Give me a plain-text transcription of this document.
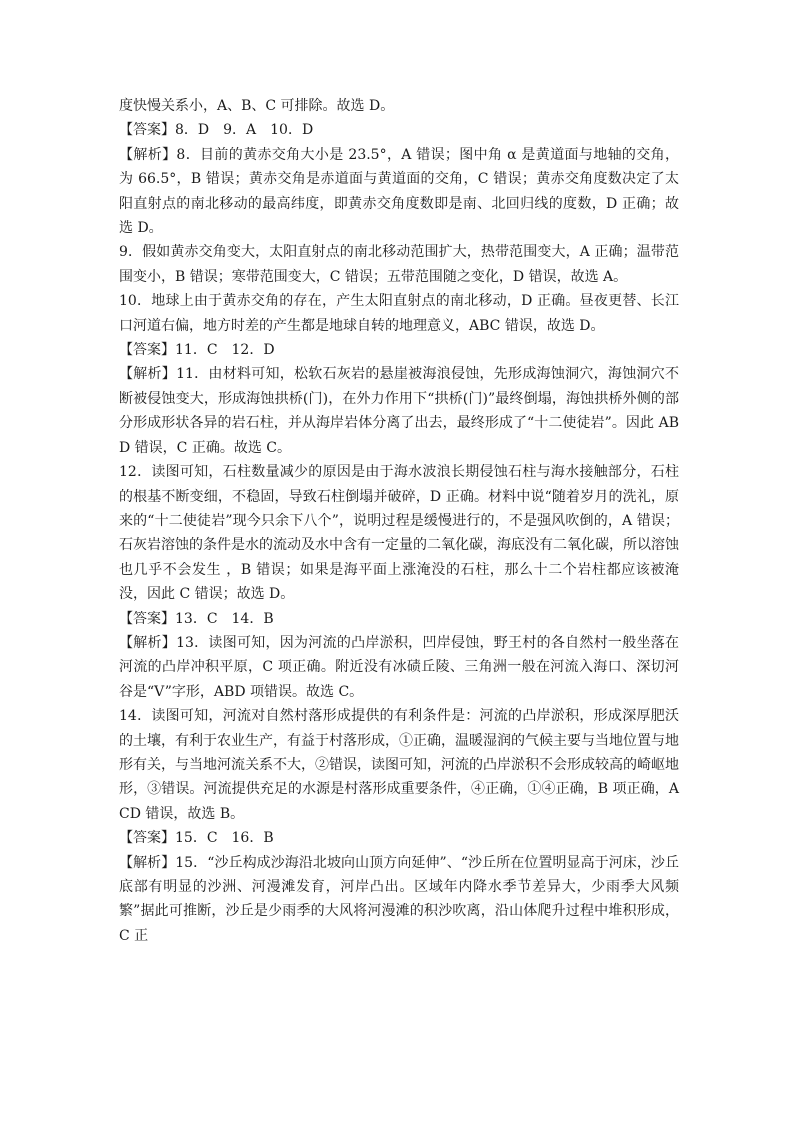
度快慢关系小，A、B、C 可排除。故选 D。

【答案】8．D　9．A　10．D

【解析】8．目前的黄赤交角大小是 23.5°，A 错误；图中角 α 是黄道面与地轴的交角，为 66.5°，B 错误；黄赤交角是赤道面与黄道面的交角，C 错误；黄赤交角度数决定了太阳直射点的南北移动的最高纬度，即黄赤交角度数即是南、北回归线的度数，D 正确；故选 D。

9．假如黄赤交角变大，太阳直射点的南北移动范围扩大，热带范围变大，A 正确；温带范围变小，B 错误；寒带范围变大，C 错误；五带范围随之变化，D 错误，故选 A。

10．地球上由于黄赤交角的存在，产生太阳直射点的南北移动，D 正确。昼夜更替、长江口河道右偏，地方时差的产生都是地球自转的地理意义，ABC 错误，故选 D。

【答案】11．C　12．D

【解析】11．由材料可知，松软石灰岩的悬崖被海浪侵蚀，先形成海蚀洞穴，海蚀洞穴不断被侵蚀变大，形成海蚀拱桥(门)，在外力作用下“拱桥(门)”最终倒塌，海蚀拱桥外侧的部分形成形状各异的岩石柱，并从海岸岩体分离了出去，最终形成了“十二使徒岩”。因此 ABD 错误，C 正确。故选 C。

12．读图可知，石柱数量减少的原因是由于海水波浪长期侵蚀石柱与海水接触部分，石柱的根基不断变细，不稳固，导致石柱倒塌并破碎，D 正确。材料中说“随着岁月的洗礼，原来的“十二使徒岩”现今只余下八个”，说明过程是缓慢进行的，不是强风吹倒的，A 错误；石灰岩溶蚀的条件是水的流动及水中含有一定量的二氧化碳，海底没有二氧化碳，所以溶蚀也几乎不会发生 ，B 错误；如果是海平面上涨淹没的石柱，那么十二个岩柱都应该被淹没，因此 C 错误；故选 D。

【答案】13．C　14．B

【解析】13．读图可知，因为河流的凸岸淤积，凹岸侵蚀，野王村的各自然村一般坐落在河流的凸岸冲积平原，C 项正确。附近没有冰碛丘陵、三角洲一般在河流入海口、深切河谷是“V”字形，ABD 项错误。故选 C。

14．读图可知，河流对自然村落形成提供的有利条件是：河流的凸岸淤积，形成深厚肥沃的土壤，有利于农业生产，有益于村落形成，①正确，温暖湿润的气候主要与当地位置与地形有关，与当地河流关系不大，②错误，读图可知，河流的凸岸淤积不会形成较高的崎岖地形，③错误。河流提供充足的水源是村落形成重要条件，④正确，①④正确，B 项正确，ACD 错误，故选 B。

【答案】15．C　16．B

【解析】15．“沙丘构成沙海沿北坡向山顶方向延伸”、“沙丘所在位置明显高于河床，沙丘底部有明显的沙洲、河漫滩发育，河岸凸出。区域年内降水季节差异大，少雨季大风频繁”据此可推断，沙丘是少雨季的大风将河漫滩的积沙吹离，沿山体爬升过程中堆积形成，C 正
